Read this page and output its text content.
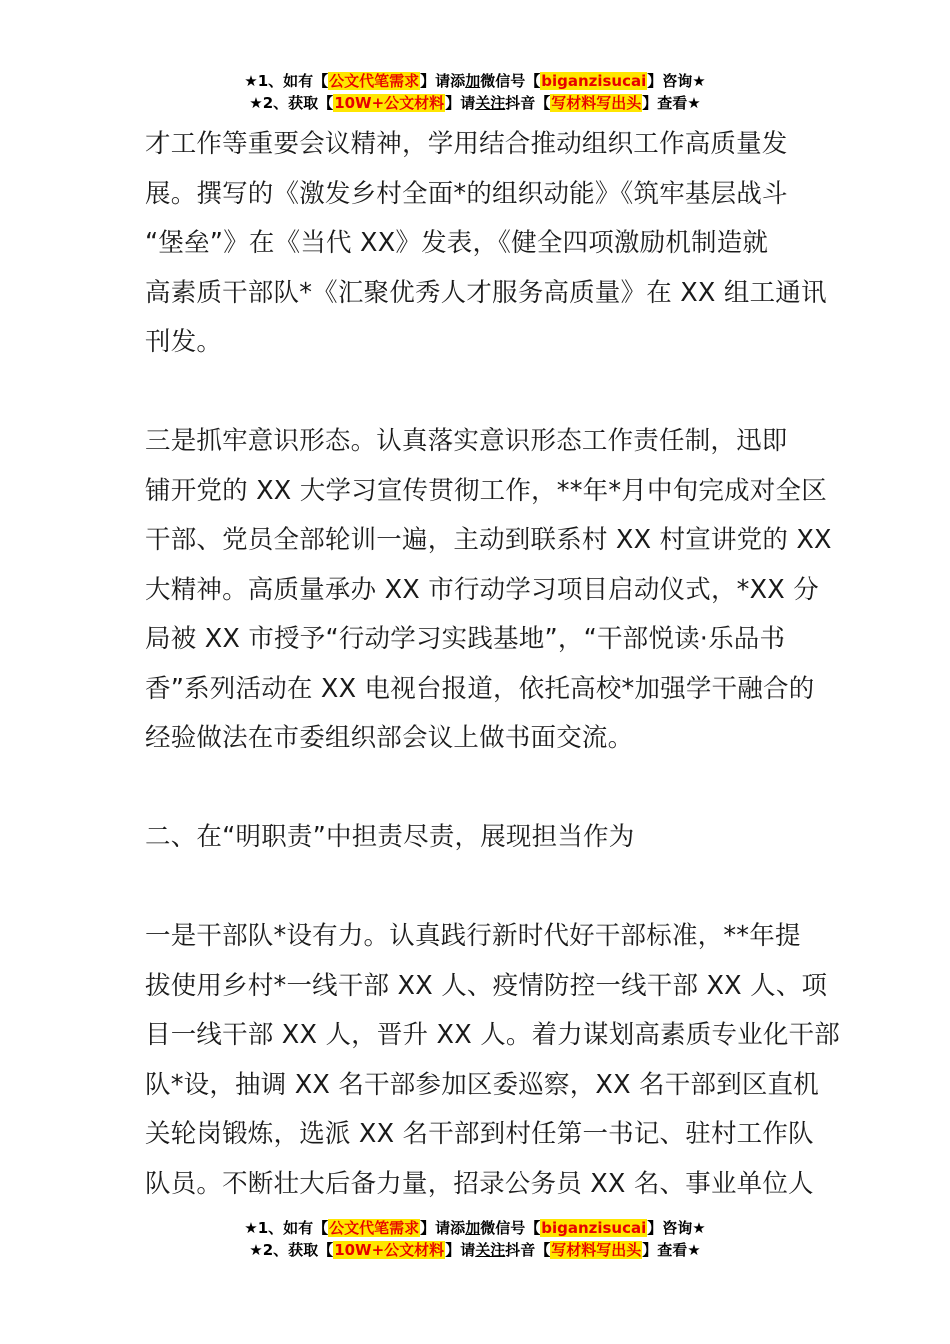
★1、如有【公文代笔需求】请添加微信号【biganzisucai】咨询★
★2、获取【10W+公文材料】请关注抖音【写材料写出头】查看★

才工作等重要会议精神，学用结合推动组织工作高质量发

展。撰写的《激发乡村全面*的组织动能》《筑牢基层战斗

“堡垒”》在《当代 XX》发表，《健全四项激励机制造就

高素质干部队*《汇聚优秀人才服务高质量》在 XX 组工通讯

刊发。

三是抓牢意识形态。认真落实意识形态工作责任制，迅即

铺开党的 XX 大学习宣传贯彻工作，**年*月中旬完成对全区

干部、党员全部轮训一遍，主动到联系村 XX 村宣讲党的 XX

大精神。高质量承办 XX 市行动学习项目启动仪式，*XX 分

局被 XX 市授予“行动学习实践基地”，“干部悦读·乐品书

香”系列活动在 XX 电视台报道，依托高校*加强学干融合的

经验做法在市委组织部会议上做书面交流。

二、在“明职责”中担责尽责，展现担当作为

一是干部队*设有力。认真践行新时代好干部标准，**年提

拔使用乡村*一线干部 XX 人、疫情防控一线干部 XX 人、项

目一线干部 XX 人，晋升 XX 人。着力谋划高素质专业化干部

队*设，抽调 XX 名干部参加区委巡察，XX 名干部到区直机

关轮岗锻炼，选派 XX 名干部到村任第一书记、驻村工作队

队员。不断壮大后备力量，招录公务员 XX 名、事业单位人

★1、如有【公文代笔需求】请添加微信号【biganzisucai】咨询★
★2、获取【10W+公文材料】请关注抖音【写材料写出头】查看★
